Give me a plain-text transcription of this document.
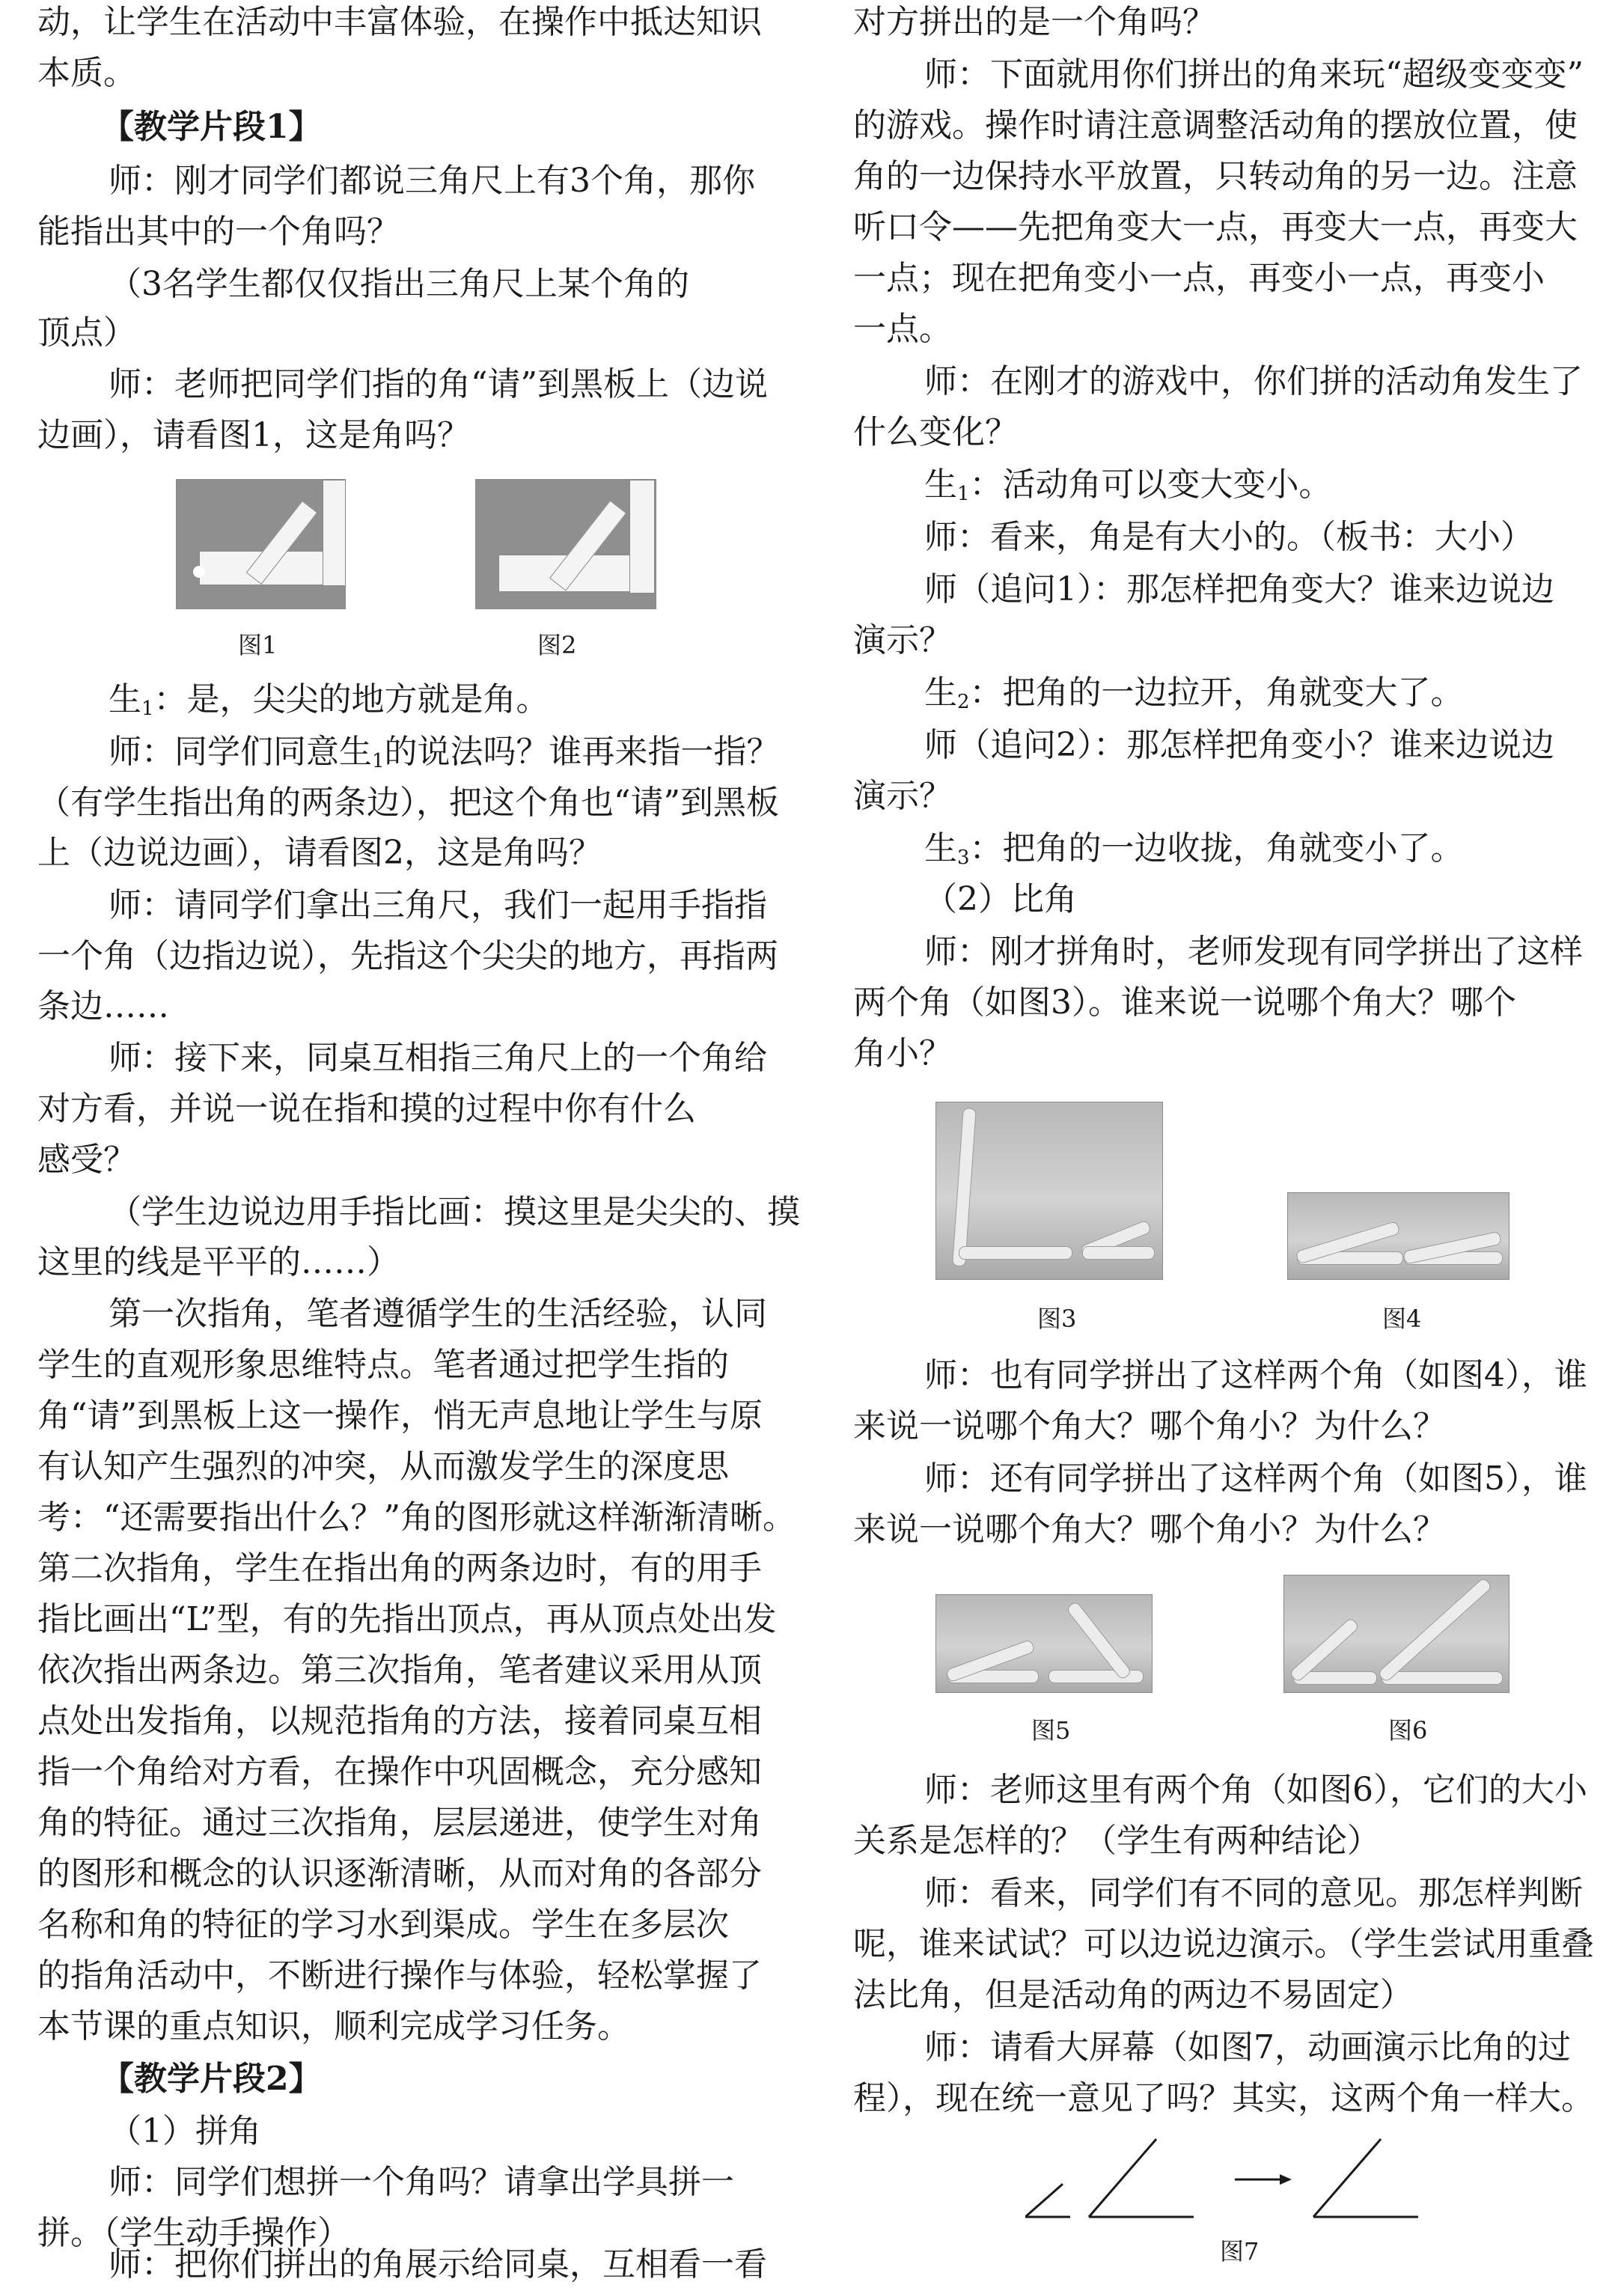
动，让学生在活动中丰富体验，在操作中抵达知识
本质。
【教学片段1】
师：刚才同学们都说三角尺上有3个角，那你
能指出其中的一个角吗？
（3名学生都仅仅指出三角尺上某个角的
顶点）
师：老师把同学们指的角“请”到黑板上（边说
边画），请看图1，这是角吗？
图1	图2
生$_1$：是，尖尖的地方就是角。
师：同学们同意生$_1$的说法吗？谁再来指一指？
（有学生指出角的两条边），把这个角也“请”到黑板
上（边说边画），请看图2，这是角吗？
师：请同学们拿出三角尺，我们一起用手指指
一个角（边指边说），先指这个尖尖的地方，再指两
条边……
师：接下来，同桌互相指三角尺上的一个角给
对方看，并说一说在指和摸的过程中你有什么
感受？
（学生边说边用手指比画：摸这里是尖尖的、摸
这里的线是平平的……）
第一次指角，笔者遵循学生的生活经验，认同
学生的直观形象思维特点。笔者通过把学生指的
角“请”到黑板上这一操作，悄无声息地让学生与原
有认知产生强烈的冲突，从而激发学生的深度思
考：“还需要指出什么？”角的图形就这样渐渐清晰。
第二次指角，学生在指出角的两条边时，有的用手
指比画出“L”型，有的先指出顶点，再从顶点处出发
依次指出两条边。第三次指角，笔者建议采用从顶
点处出发指角，以规范指角的方法，接着同桌互相
指一个角给对方看，在操作中巩固概念，充分感知
角的特征。通过三次指角，层层递进，使学生对角
的图形和概念的认识逐渐清晰，从而对角的各部分
名称和角的特征的学习水到渠成。学生在多层次
的指角活动中，不断进行操作与体验，轻松掌握了
本节课的重点知识，顺利完成学习任务。
【教学片段2】
（1）拼角
师：同学们想拼一个角吗？请拿出学具拼一
拼。（学生动手操作）
师：把你们拼出的角展示给同桌，互相看一看
对方拼出的是一个角吗？
师：下面就用你们拼出的角来玩“超级变变变”
的游戏。操作时请注意调整活动角的摆放位置，使
角的一边保持水平放置，只转动角的另一边。注意
听口令——先把角变大一点，再变大一点，再变大
一点；现在把角变小一点，再变小一点，再变小
一点。
师：在刚才的游戏中，你们拼的活动角发生了
什么变化？
生$_1$：活动角可以变大变小。
师：看来，角是有大小的。（板书：大小）
师（追问1）：那怎样把角变大？谁来边说边
演示？
生$_2$：把角的一边拉开，角就变大了。
师（追问2）：那怎样把角变小？谁来边说边
演示？
生$_3$：把角的一边收拢，角就变小了。
（2）比角
师：刚才拼角时，老师发现有同学拼出了这样
两个角（如图3）。谁来说一说哪个角大？哪个
角小？
图3	图4
师：也有同学拼出了这样两个角（如图4），谁
来说一说哪个角大？哪个角小？为什么？
师：还有同学拼出了这样两个角（如图5），谁
来说一说哪个角大？哪个角小？为什么？
图5	图6
师：老师这里有两个角（如图6），它们的大小
关系是怎样的？（学生有两种结论）
师：看来，同学们有不同的意见。那怎样判断
呢，谁来试试？可以边说边演示。（学生尝试用重叠
法比角，但是活动角的两边不易固定）
师：请看大屏幕（如图7，动画演示比角的过
程），现在统一意见了吗？其实，这两个角一样大。
图7
